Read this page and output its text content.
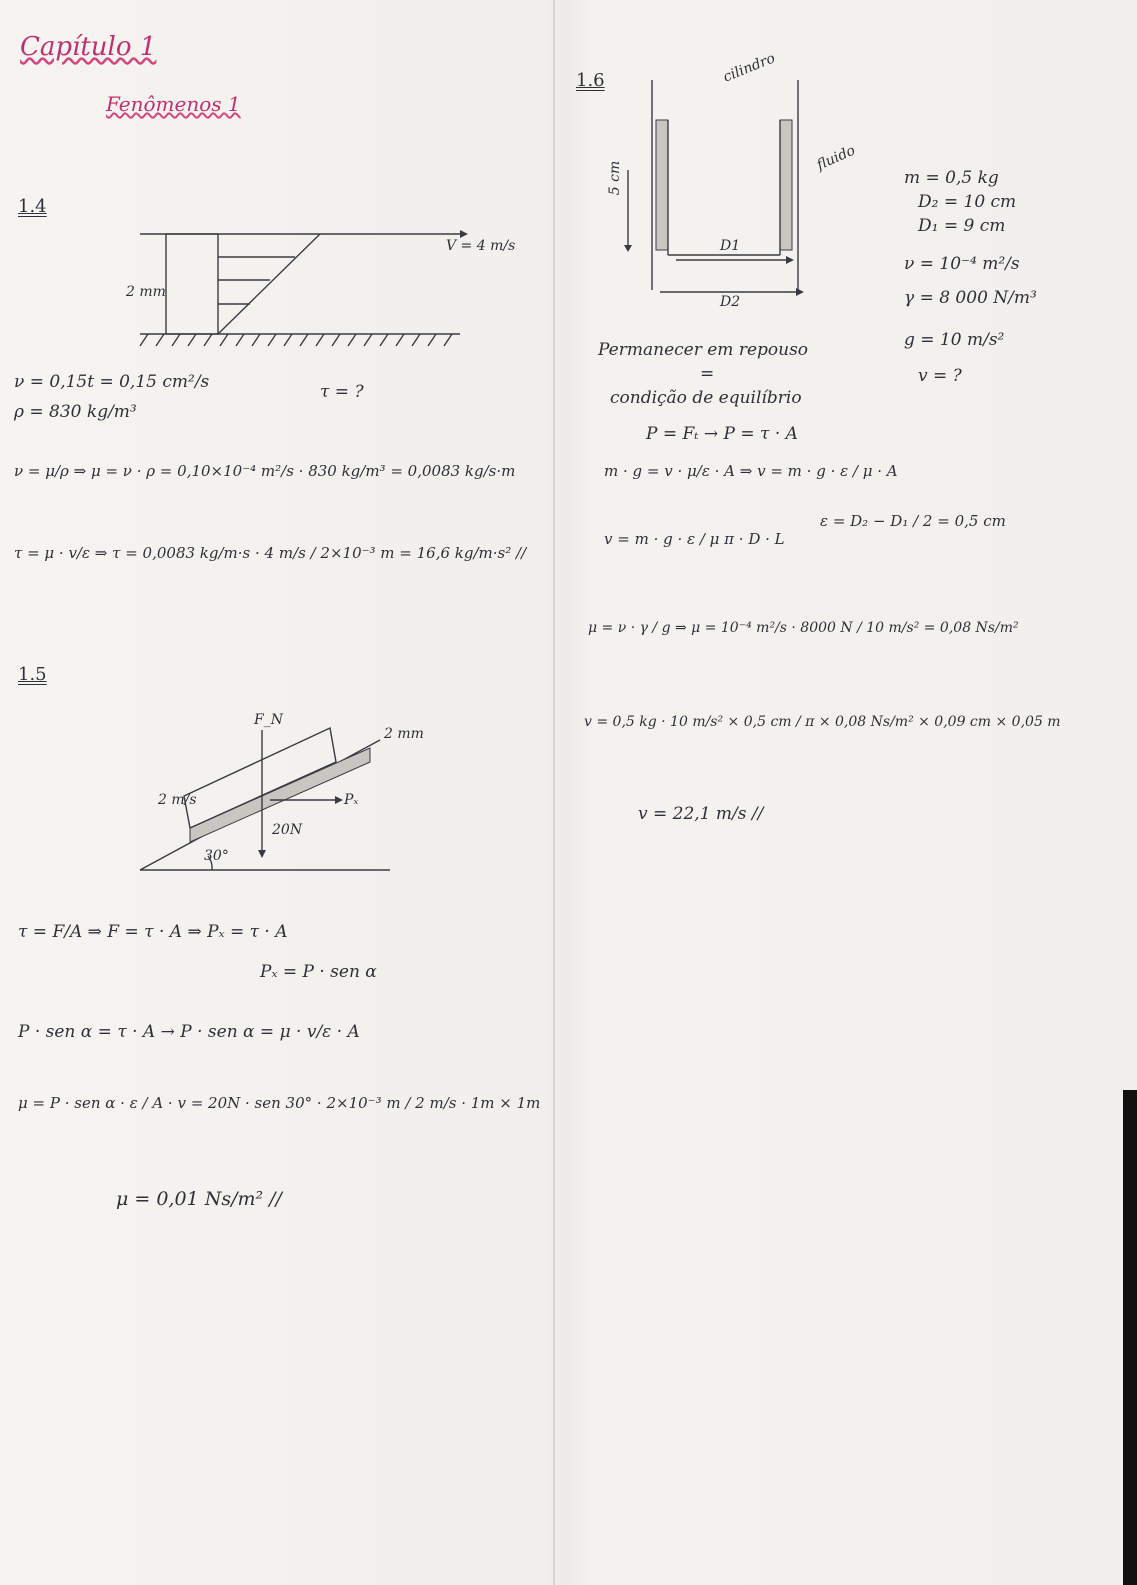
Capítulo 1
Fenômenos 1
1.4
V = 4 m/s
2 mm
ν = 0,15t = 0,15 cm²/s
ρ = 830 kg/m³
τ = ?
ν = μ/ρ ⇒ μ = ν · ρ = 0,10×10⁻⁴ m²/s · 830 kg/m³ = 0,0083 kg/s·m
τ = μ · v/ε ⇒ τ = 0,0083 kg/m·s · 4 m/s / 2×10⁻³ m = 16,6 kg/m·s² //
1.5
F_N
2 mm
2 m/s	Pₓ
20N
30°
τ = F/A ⇒ F = τ · A ⇒ Pₓ = τ · A
Pₓ = P · sen α
P · sen α = τ · A → P · sen α = μ · v/ε · A
μ = P · sen α · ε / A · v = 20N · sen 30° · 2×10⁻³ m / 2 m/s · 1m × 1m
μ = 0,01 Ns/m² //
1.6	cilindro
fluido
5 cm
D1
D2
m = 0,5 kg
D₂ = 10 cm
D₁ = 9 cm
ν = 10⁻⁴ m²/s
γ = 8 000 N/m³
g = 10 m/s²
v = ?
Permanecer em repouso
=
condição de equilíbrio
P = Fₜ → P = τ · A
m · g = v · μ/ε · A ⇒ v = m · g · ε / μ · A
v = m · g · ε / μ π · D · L
ε = D₂ − D₁ / 2 = 0,5 cm
μ = ν · γ / g ⇒ μ = 10⁻⁴ m²/s · 8000 N / 10 m/s² = 0,08 Ns/m²
v = 0,5 kg · 10 m/s² × 0,5 cm / π × 0,08 Ns/m² × 0,09 cm × 0,05 m
v = 22,1 m/s //
